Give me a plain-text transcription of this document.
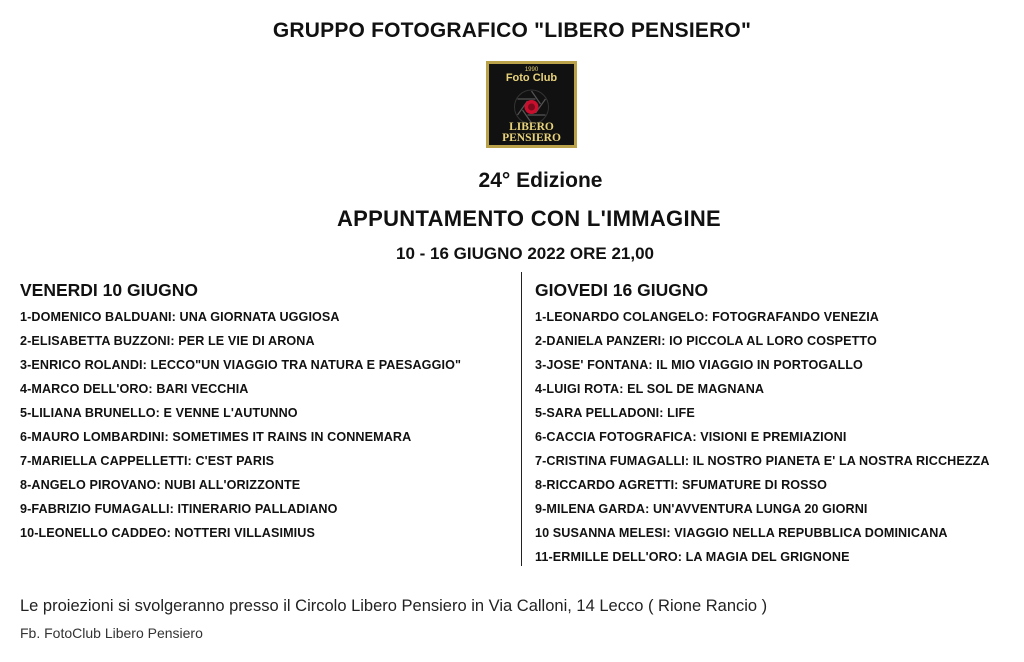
GRUPPO FOTOGRAFICO "LIBERO PENSIERO"
1990
Foto Club
LIBERO
PENSIERO
24° Edizione
APPUNTAMENTO CON L'IMMAGINE
10 - 16 GIUGNO 2022 ORE 21,00
VENERDI 10 GIUGNO
1-DOMENICO BALDUANI: UNA GIORNATA UGGIOSA
2-ELISABETTA BUZZONI: PER LE VIE DI ARONA
3-ENRICO ROLANDI: LECCO"UN VIAGGIO TRA NATURA E PAESAGGIO"
4-MARCO DELL'ORO: BARI VECCHIA
5-LILIANA BRUNELLO: E VENNE L'AUTUNNO
6-MAURO LOMBARDINI: SOMETIMES IT RAINS IN CONNEMARA
7-MARIELLA CAPPELLETTI: C'EST PARIS
8-ANGELO PIROVANO: NUBI ALL'ORIZZONTE
9-FABRIZIO FUMAGALLI: ITINERARIO PALLADIANO
10-LEONELLO CADDEO: NOTTERI VILLASIMIUS
GIOVEDI 16 GIUGNO
1-LEONARDO COLANGELO: FOTOGRAFANDO VENEZIA
2-DANIELA PANZERI: IO PICCOLA AL LORO COSPETTO
3-JOSE' FONTANA: IL MIO VIAGGIO IN PORTOGALLO
4-LUIGI ROTA: EL SOL DE MAGNANA
5-SARA PELLADONI: LIFE
6-CACCIA FOTOGRAFICA: VISIONI E PREMIAZIONI
7-CRISTINA FUMAGALLI: IL NOSTRO PIANETA E' LA NOSTRA RICCHEZZA
8-RICCARDO AGRETTI: SFUMATURE DI ROSSO
9-MILENA GARDA: UN'AVVENTURA LUNGA 20 GIORNI
10 SUSANNA MELESI: VIAGGIO NELLA REPUBBLICA DOMINICANA
11-ERMILLE DELL'ORO: LA MAGIA DEL GRIGNONE
Le proiezioni si svolgeranno presso il Circolo Libero Pensiero in Via Calloni, 14 Lecco ( Rione Rancio )
Fb. FotoClub Libero Pensiero
